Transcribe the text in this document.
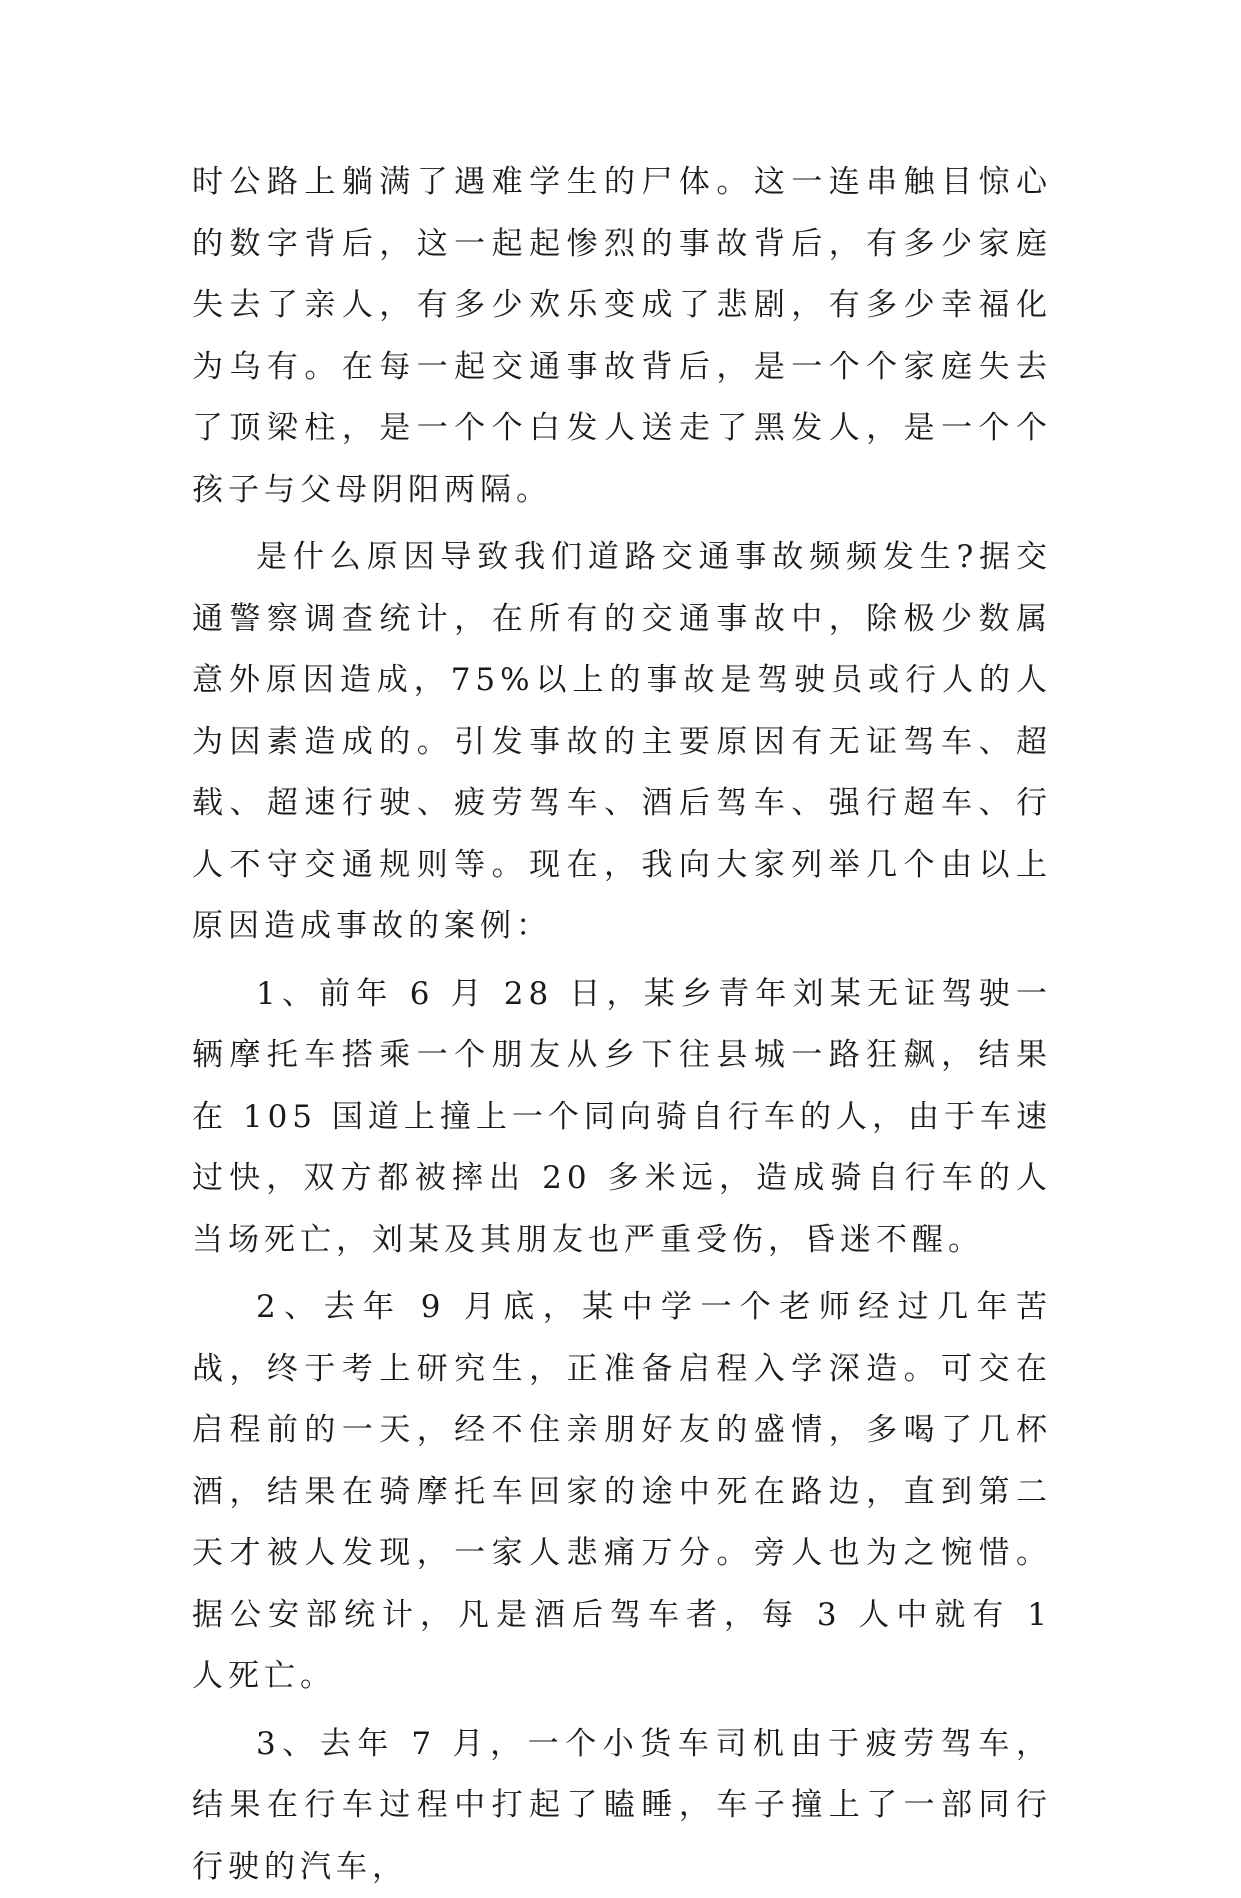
时公路上躺满了遇难学生的尸体。这一连串触目惊心的数字背后，这一起起惨烈的事故背后，有多少家庭失去了亲人，有多少欢乐变成了悲剧，有多少幸福化为乌有。在每一起交通事故背后，是一个个家庭失去了顶梁柱，是一个个白发人送走了黑发人，是一个个孩子与父母阴阳两隔。

是什么原因导致我们道路交通事故频频发生?据交通警察调查统计，在所有的交通事故中，除极少数属意外原因造成，75%以上的事故是驾驶员或行人的人为因素造成的。引发事故的主要原因有无证驾车、超载、超速行驶、疲劳驾车、酒后驾车、强行超车、行人不守交通规则等。现在，我向大家列举几个由以上原因造成事故的案例：

1、前年 6 月 28 日，某乡青年刘某无证驾驶一辆摩托车搭乘一个朋友从乡下往县城一路狂飙，结果在 105 国道上撞上一个同向骑自行车的人，由于车速过快，双方都被摔出 20 多米远，造成骑自行车的人当场死亡，刘某及其朋友也严重受伤，昏迷不醒。

2、去年 9 月底，某中学一个老师经过几年苦战，终于考上研究生，正准备启程入学深造。可交在启程前的一天，经不住亲朋好友的盛情，多喝了几杯酒，结果在骑摩托车回家的途中死在路边，直到第二天才被人发现，一家人悲痛万分。旁人也为之惋惜。据公安部统计，凡是酒后驾车者，每 3 人中就有 1 人死亡。

3、去年 7 月，一个小货车司机由于疲劳驾车，结果在行车过程中打起了瞌睡，车子撞上了一部同行行驶的汽车，
